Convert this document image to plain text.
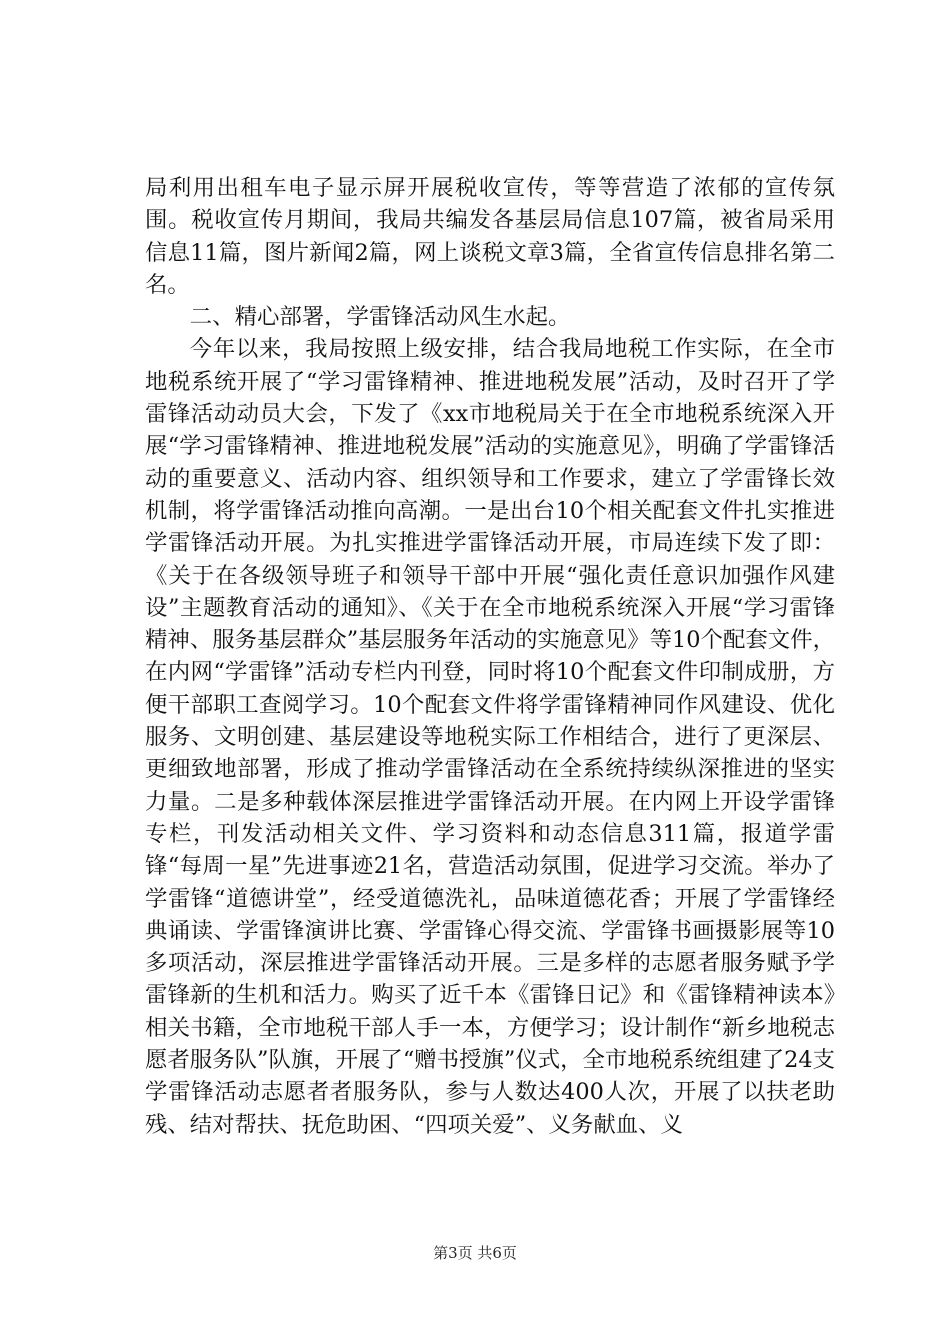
局利用出租车电子显示屏开展税收宣传，等等营造了浓郁的宣传氛围。税收宣传月期间，我局共编发各基层局信息107篇，被省局采用信息11篇，图片新闻2篇，网上谈税文章3篇，全省宣传信息排名第二名。

二、精心部署，学雷锋活动风生水起。

今年以来，我局按照上级安排，结合我局地税工作实际，在全市地税系统开展了“学习雷锋精神、推进地税发展”活动，及时召开了学雷锋活动动员大会，下发了《xx市地税局关于在全市地税系统深入开展“学习雷锋精神、推进地税发展”活动的实施意见》，明确了学雷锋活动的重要意义、活动内容、组织领导和工作要求，建立了学雷锋长效机制，将学雷锋活动推向高潮。一是出台10个相关配套文件扎实推进学雷锋活动开展。为扎实推进学雷锋活动开展，市局连续下发了即：《关于在各级领导班子和领导干部中开展“强化责任意识加强作风建设”主题教育活动的通知》、《关于在全市地税系统深入开展“学习雷锋精神、服务基层群众”基层服务年活动的实施意见》等10个配套文件，在内网“学雷锋”活动专栏内刊登，同时将10个配套文件印制成册，方便干部职工查阅学习。10个配套文件将学雷锋精神同作风建设、优化服务、文明创建、基层建设等地税实际工作相结合，进行了更深层、更细致地部署，形成了推动学雷锋活动在全系统持续纵深推进的坚实力量。二是多种载体深层推进学雷锋活动开展。在内网上开设学雷锋专栏，刊发活动相关文件、学习资料和动态信息311篇，报道学雷锋“每周一星”先进事迹21名，营造活动氛围，促进学习交流。举办了学雷锋“道德讲堂”，经受道德洗礼，品味道德花香；开展了学雷锋经典诵读、学雷锋演讲比赛、学雷锋心得交流、学雷锋书画摄影展等10多项活动，深层推进学雷锋活动开展。三是多样的志愿者服务赋予学雷锋新的生机和活力。购买了近千本《雷锋日记》和《雷锋精神读本》相关书籍，全市地税干部人手一本，方便学习；设计制作“新乡地税志愿者服务队”队旗，开展了“赠书授旗”仪式，全市地税系统组建了24支学雷锋活动志愿者者服务队，参与人数达400人次，开展了以扶老助残、结对帮扶、抚危助困、“四项关爱”、义务献血、义

第3页 共6页
